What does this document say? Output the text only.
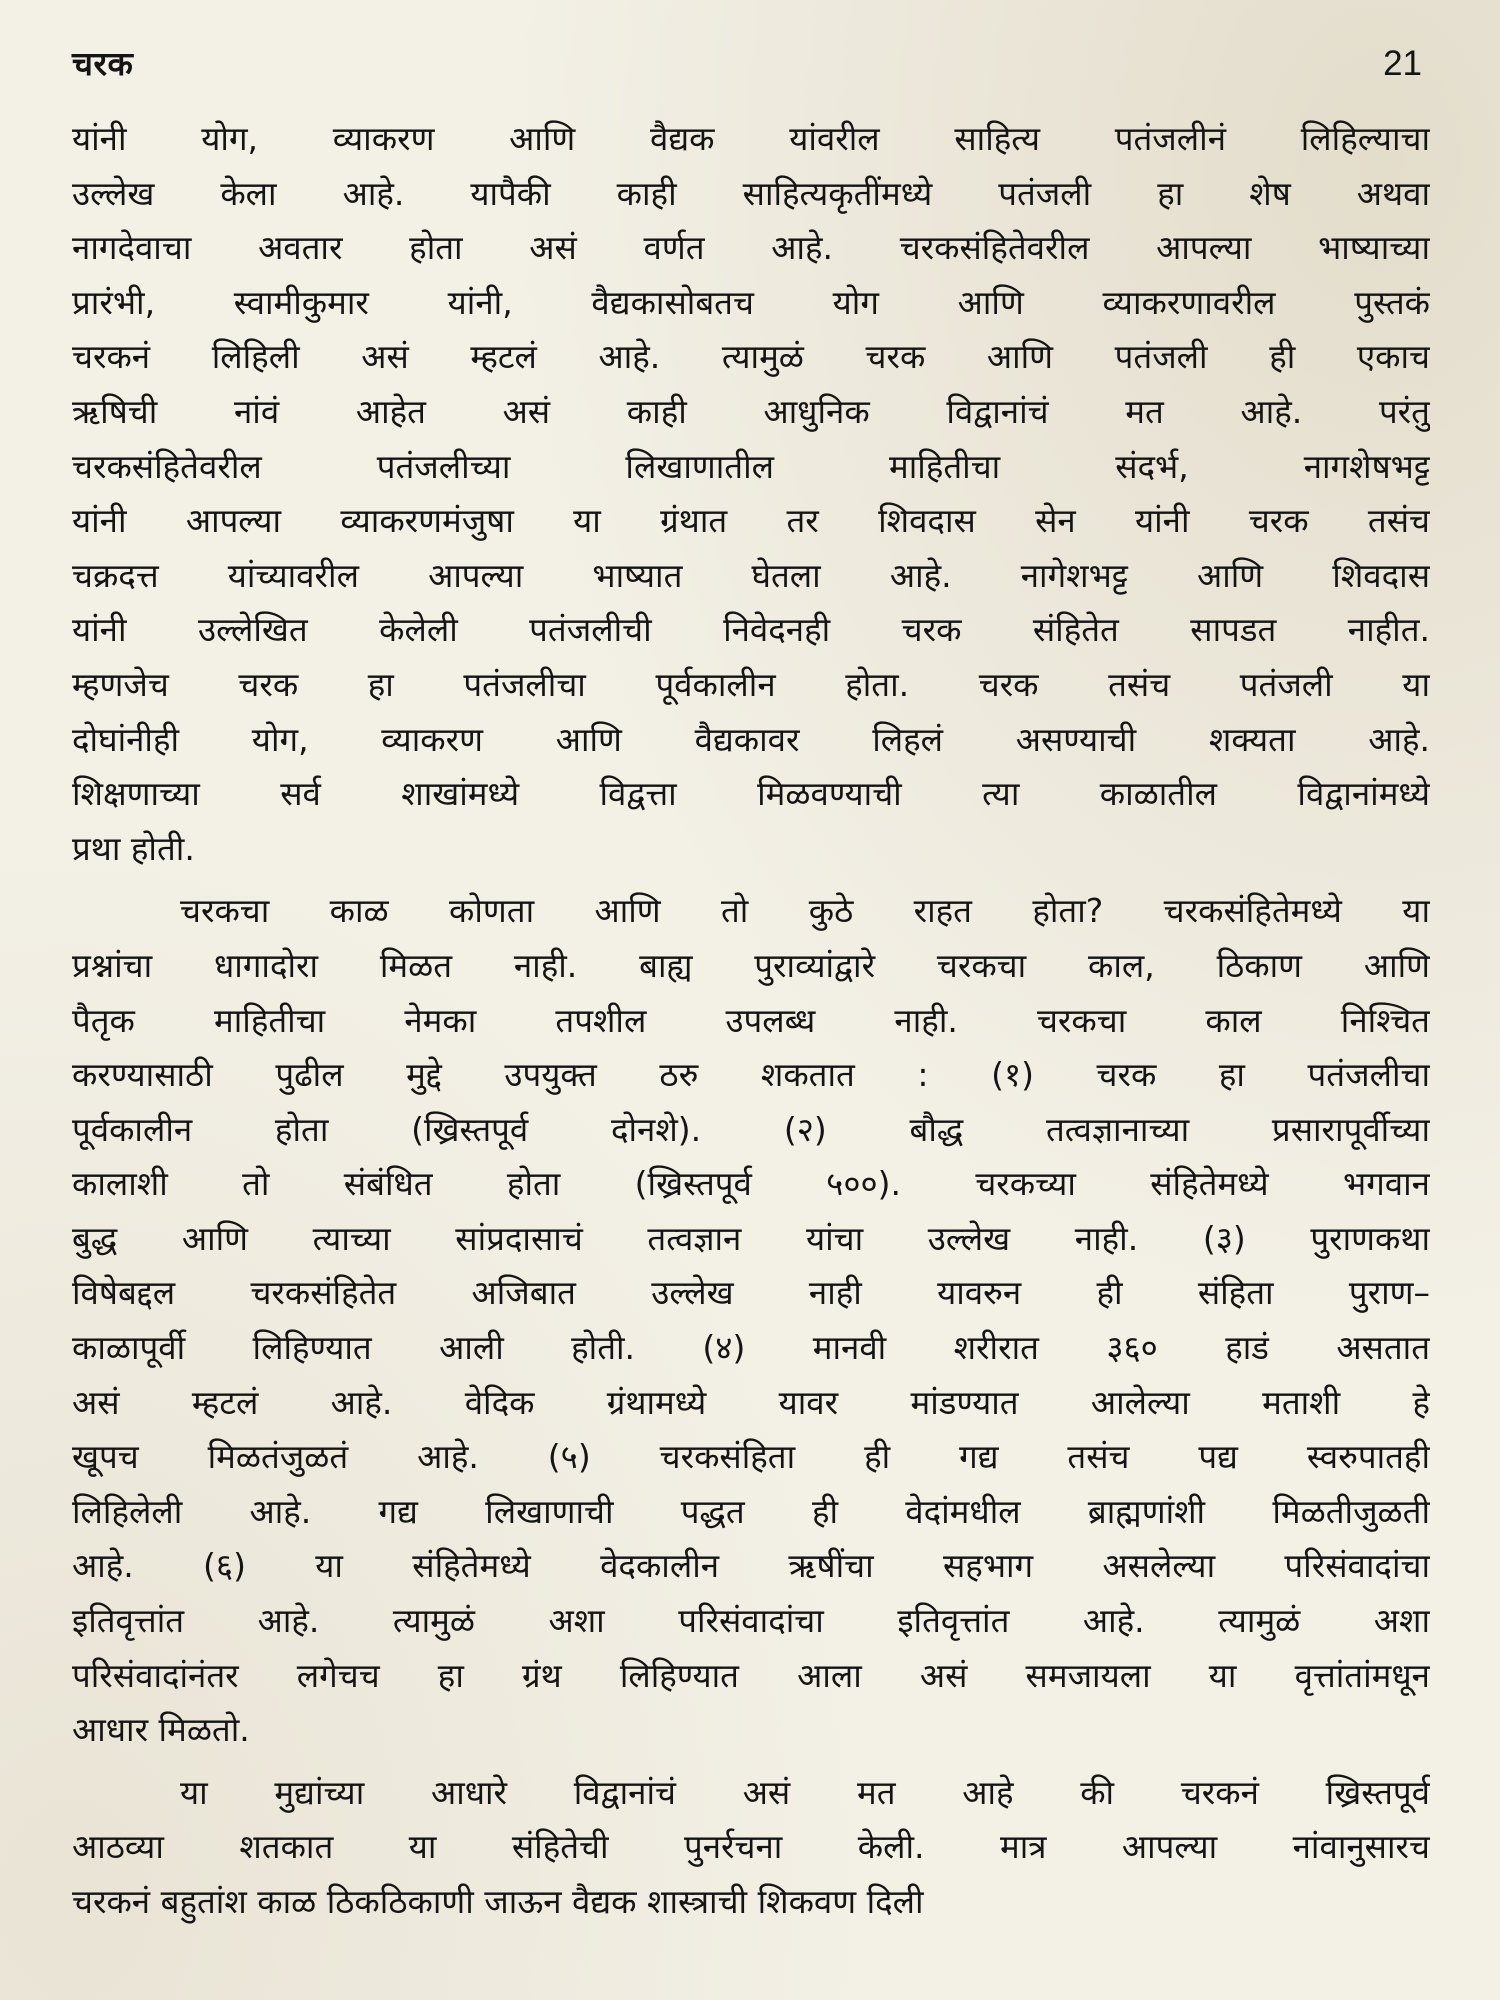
चरक	21

यांनी योग, व्याकरण आणि वैद्यक यांवरील साहित्य पतंजलीनं लिहिल्याचा
उल्लेख केला आहे. यापैकी काही साहित्यकृतींमध्ये पतंजली हा शेष अथवा
नागदेवाचा अवतार होता असं वर्णत आहे. चरकसंहितेवरील आपल्या भाष्याच्या
प्रारंभी, स्वामीकुमार यांनी, वैद्यकासोबतच योग आणि व्याकरणावरील पुस्तकं
चरकनं लिहिली असं म्हटलं आहे. त्यामुळं चरक आणि पतंजली ही एकाच
ऋषिची नांवं आहेत असं काही आधुनिक विद्वानांचं मत आहे. परंतु
चरकसंहितेवरील पतंजलीच्या लिखाणातील माहितीचा संदर्भ, नागशेषभट्ट
यांनी आपल्या व्याकरणमंजुषा या ग्रंथात तर शिवदास सेन यांनी चरक तसंच
चक्रदत्त यांच्यावरील आपल्या भाष्यात घेतला आहे. नागेशभट्ट आणि शिवदास
यांनी उल्लेखित केलेली पतंजलीची निवेदनही चरक संहितेत सापडत नाहीत.
म्हणजेच चरक हा पतंजलीचा पूर्वकालीन होता. चरक तसंच पतंजली या
दोघांनीही योग, व्याकरण आणि वैद्यकावर लिहलं असण्याची शक्यता आहे.
शिक्षणाच्या सर्व शाखांमध्ये विद्वत्ता मिळवण्याची त्या काळातील विद्वानांमध्ये
प्रथा होती.

चरकचा काळ कोणता आणि तो कुठे राहत होता? चरकसंहितेमध्ये या
प्रश्नांचा धागादोरा मिळत नाही. बाह्य पुराव्यांद्वारे चरकचा काल, ठिकाण आणि
पैतृक माहितीचा नेमका तपशील उपलब्ध नाही. चरकचा काल निश्चित
करण्यासाठी पुढील मुद्दे उपयुक्त ठरु शकतात : (१) चरक हा पतंजलीचा
पूर्वकालीन होता (ख्रिस्तपूर्व दोनशे). (२) बौद्ध तत्वज्ञानाच्या प्रसारापूर्वीच्या
कालाशी तो संबंधित होता (ख्रिस्तपूर्व ५००). चरकच्या संहितेमध्ये भगवान
बुद्ध आणि त्याच्या सांप्रदासाचं तत्वज्ञान यांचा उल्लेख नाही. (३) पुराणकथा
विषेबद्दल चरकसंहितेत अजिबात उल्लेख नाही यावरुन ही संहिता पुराण–
काळापूर्वी लिहिण्यात आली होती. (४) मानवी शरीरात ३६० हाडं असतात
असं म्हटलं आहे. वेदिक ग्रंथामध्ये यावर मांडण्यात आलेल्या मताशी हे
खूपच मिळतंजुळतं आहे. (५) चरकसंहिता ही गद्य तसंच पद्य स्वरुपातही
लिहिलेली आहे. गद्य लिखाणाची पद्धत ही वेदांमधील ब्राह्मणांशी मिळतीजुळती
आहे. (६) या संहितेमध्ये वेदकालीन ऋषींचा सहभाग असलेल्या परिसंवादांचा
इतिवृत्तांत आहे. त्यामुळं अशा परिसंवादांचा इतिवृत्तांत आहे. त्यामुळं अशा
परिसंवादांनंतर लगेचच हा ग्रंथ लिहिण्यात आला असं समजायला या वृत्तांतांमधून
आधार मिळतो.

या मुद्यांच्या आधारे विद्वानांचं असं मत आहे की चरकनं ख्रिस्तपूर्व
आठव्या शतकात या संहितेची पुनर्रचना केली. मात्र आपल्या नांवानुसारच
चरकनं बहुतांश काळ ठिकठिकाणी जाऊन वैद्यक शास्त्राची शिकवण दिली
